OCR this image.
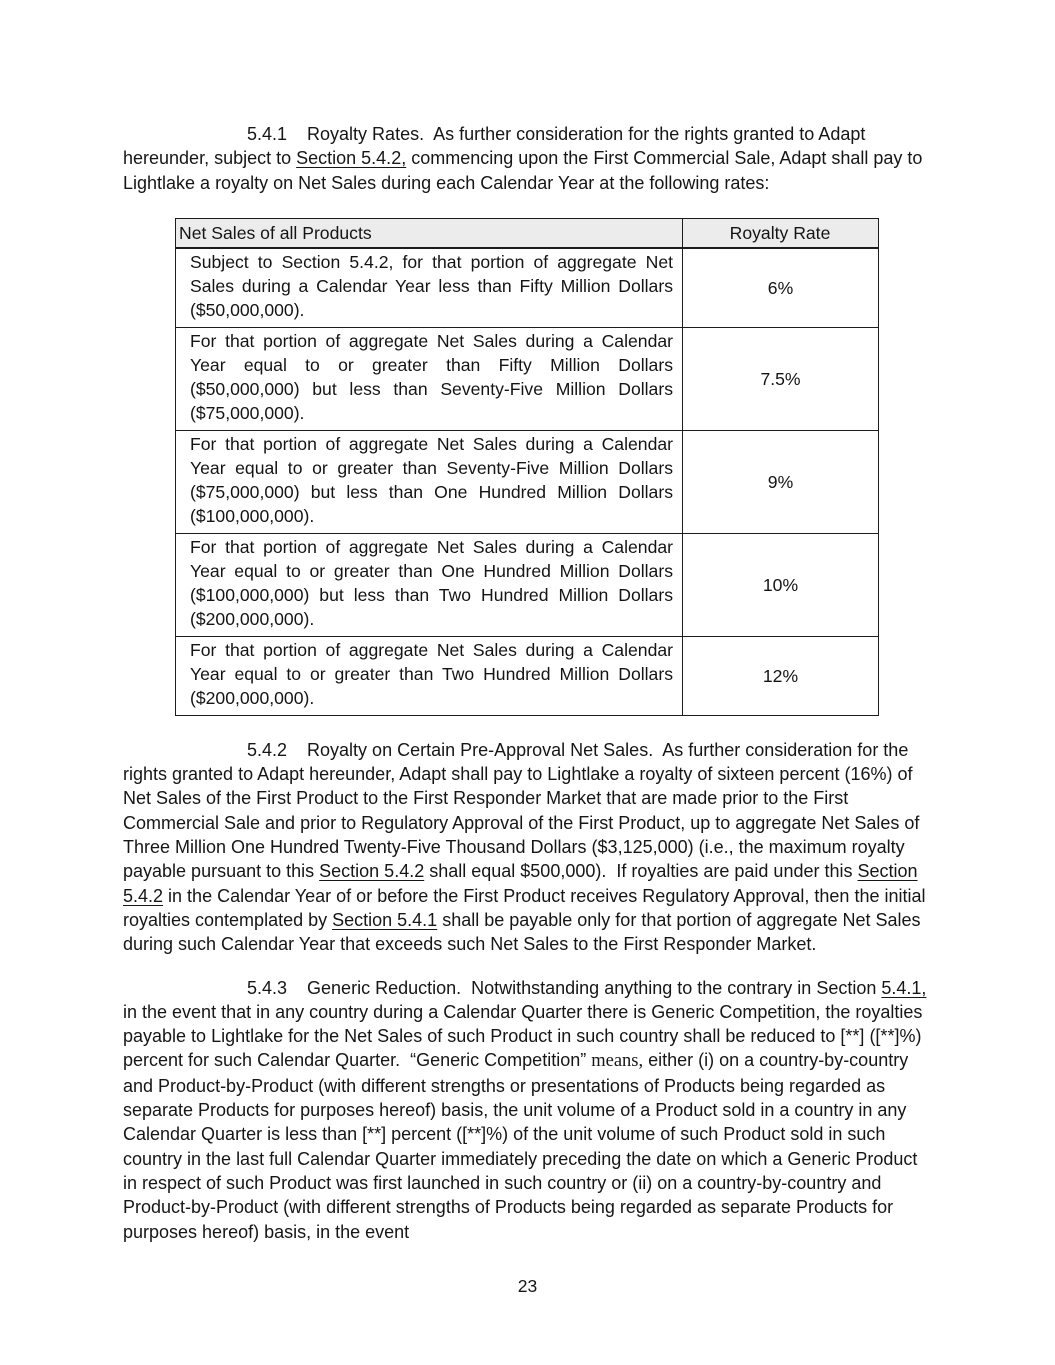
5.4.1    Royalty Rates.  As further consideration for the rights granted to Adapt hereunder, subject to Section 5.4.2, commencing upon the First Commercial Sale, Adapt shall pay to Lightlake a royalty on Net Sales during each Calendar Year at the following rates:

Net Sales of all Products	Royalty Rate
Subject to Section 5.4.2, for that portion of aggregate Net Sales during a Calendar Year less than Fifty Million Dollars ($50,000,000).	6%
For that portion of aggregate Net Sales during a Calendar Year equal to or greater than Fifty Million Dollars ($50,000,000) but less than Seventy-Five Million Dollars ($75,000,000).	7.5%
For that portion of aggregate Net Sales during a Calendar Year equal to or greater than Seventy-Five Million Dollars ($75,000,000) but less than One Hundred Million Dollars ($100,000,000).	9%
For that portion of aggregate Net Sales during a Calendar Year equal to or greater than One Hundred Million Dollars ($100,000,000) but less than Two Hundred Million Dollars ($200,000,000).	10%
For that portion of aggregate Net Sales during a Calendar Year equal to or greater than Two Hundred Million Dollars ($200,000,000).	12%

5.4.2    Royalty on Certain Pre-Approval Net Sales.  As further consideration for the rights granted to Adapt hereunder, Adapt shall pay to Lightlake a royalty of sixteen percent (16%) of Net Sales of the First Product to the First Responder Market that are made prior to the First Commercial Sale and prior to Regulatory Approval of the First Product, up to aggregate Net Sales of Three Million One Hundred Twenty-Five Thousand Dollars ($3,125,000) (i.e., the maximum royalty payable pursuant to this Section 5.4.2 shall equal $500,000).  If royalties are paid under this Section 5.4.2 in the Calendar Year of or before the First Product receives Regulatory Approval, then the initial royalties contemplated by Section 5.4.1 shall be payable only for that portion of aggregate Net Sales during such Calendar Year that exceeds such Net Sales to the First Responder Market.

5.4.3    Generic Reduction.  Notwithstanding anything to the contrary in Section 5.4.1, in the event that in any country during a Calendar Quarter there is Generic Competition, the royalties payable to Lightlake for the Net Sales of such Product in such country shall be reduced to [**] ([**]%) percent for such Calendar Quarter.  “Generic Competition” means, either (i) on a country-by-country and Product-by-Product (with different strengths or presentations of Products being regarded as separate Products for purposes hereof) basis, the unit volume of a Product sold in a country in any Calendar Quarter is less than [**] percent ([**]%) of the unit volume of such Product sold in such country in the last full Calendar Quarter immediately preceding the date on which a Generic Product in respect of such Product was first launched in such country or (ii) on a country-by-country and Product-by-Product (with different strengths of Products being regarded as separate Products for purposes hereof) basis, in the event

23
